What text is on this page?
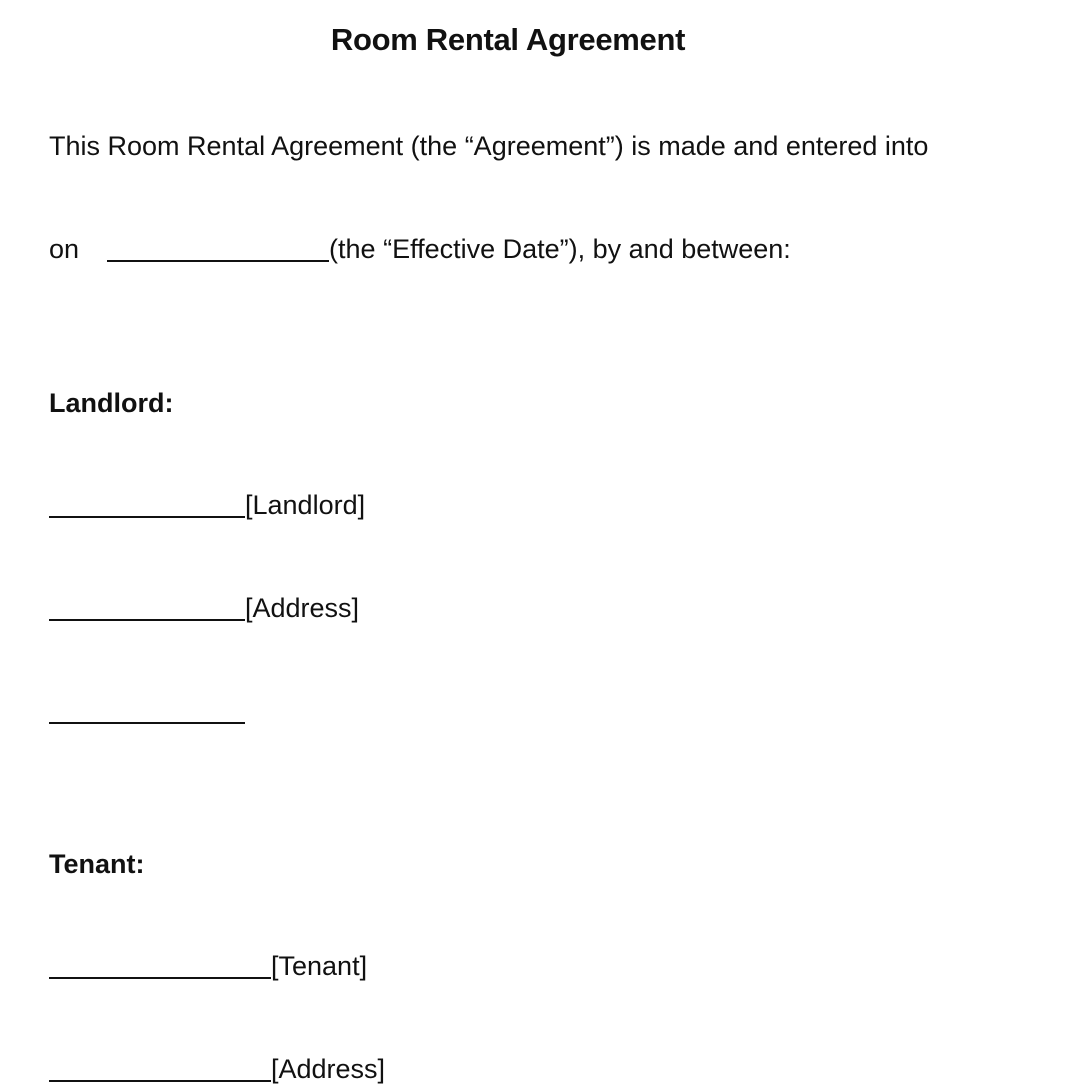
Room Rental Agreement
This Room Rental Agreement (the “Agreement”) is made and entered into
on	(the “Effective Date”), by and between:
Landlord:
[Landlord]
[Address]
Tenant:
[Tenant]
[Address]
